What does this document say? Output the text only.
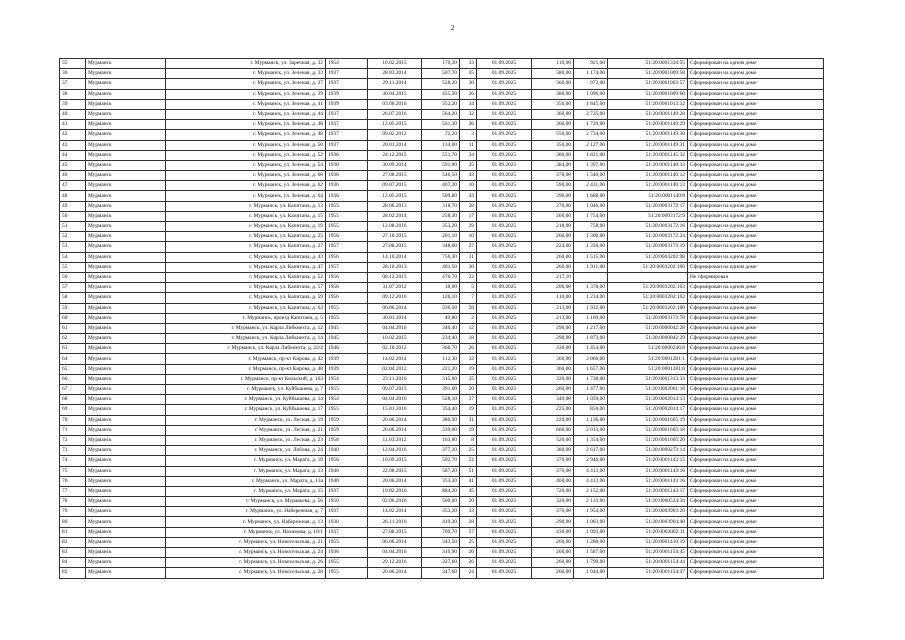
2
35	Мурманск	г. Мурманск, ул. Заречная, д. 32	1954	10.02.2015	170,30	33	01.09.2025	110,00	921,00	51:20:0001334:55	Сформирован на одном доме
36	Мурманск	г. Мурманск, ул. Зеленая, д. 33	1937	28.03.2014	507,70	35	01.09.2025	580,00	1 174,00	51:20:0001009:58	Сформирован на одном доме
37	Мурманск	г. Мурманск, ул. Зеленая, д. 37	1937	29.11.2014	528,20	30	01.09.2025	360,00	972,00	51:20:0001003:57	Сформирован на одном доме
38	Мурманск	г. Мурманск, ул. Зеленая, д. 39	1939	30.04.2015	455,50	26	01.09.2025	380,00	1 096,00	51:20:0001009:60	Сформирован на одном доме
39	Мурманск	г. Мурманск, ул. Зеленая, д. 41	1939	03.06.2016	352,20	34	01.09.2025	350,00	1 845,00	51:20:0001013:32	Сформирован на одном доме
40	Мурманск	г. Мурманск, ул. Зеленая, д. 44	1937	26.07.2016	564,20	32	01.09.2025	360,00	2 725,00	51:20:0001149:28	Сформирован на одном доме
41	Мурманск	г. Мурманск, ул. Зеленая, д. 46	1937	12.05.2015	561,30	36	01.09.2025	360,00	1 729,00	51:20:0001149:29	Сформирован на одном доме
42	Мурманск	г. Мурманск, ул. Зеленая, д. 48	1937	09.02.2012	72,20	3	01.09.2025	550,00	2 734,00	51:20:0001149:30	Сформирован на одном доме
43	Мурманск	г. Мурманск, ул. Зеленая, д. 50	1937	20.01.2014	134,00	11	01.09.2025	350,00	2 127,00	51:20:0001149:31	Сформирован на одном доме
44	Мурманск	г. Мурманск, ул. Зеленая, д. 52	1936	24.12.2015	551,70	34	01.09.2025	380,00	1 821,00	51:20:0001145:32	Сформирован на одном доме
45	Мурманск	г. Мурманск, ул. Зеленая, д. 54	1938	30.09.2014	591,00	35	01.09.2025	384,00	1 397,00	51:20:0001140:33	Сформирован на одном доме
46	Мурманск	г. Мурманск, ул. Зеленая, д. 60	1936	27.08.2015	546,50	43	01.09.2025	378,00	1 540,00	51:20:0001140:12	Сформирован на одном доме
47	Мурманск	г. Мурманск, ул. Зеленая, д. 62	1936	09.07.2015	407,20	10	01.09.2025	590,00	2 431,00	51:20:0001140:13	Сформирован на одном доме
48	Мурманск	г. Мурманск, ул. Зеленая, д. 64	1936	12.05.2015	509,80	43	01.09.2025	390,00	1 688,00	51:20:0001140:8	Сформирован на одном доме
49	Мурманск	г. Мурманск, ул. Капитана, д. 13	1955	28.06.2013	318,70	28	01.09.2025	270,00	1 046,00	51:20:0003172:17	Сформирован на одном доме
50	Мурманск	г. Мурманск, ул. Капитана, д. 15	1955	28.02.2014	258,30	17	01.09.2025	260,00	1 754,00	51:20:0003172:9	Сформирован на одном доме
51	Мурманск	г. Мурманск, ул. Капитана, д. 19	1955	12.08.2016	353,20	29	01.09.2025	218,00	758,00	51:20:0003172:16	Сформирован на одном доме
52	Мурманск	г. Мурманск, ул. Капитана, д. 25	1956	27.10.2015	201,10	10	01.09.2025	260,00	1 300,00	51:20:0003172:24	Сформирован на одном доме
53	Мурманск	г. Мурманск, ул. Капитана, д. 27	1957	27.08.2015	348,60	27	01.09.2025	224,00	1 356,00	51:20:0003173:19	Сформирован на одном доме
54	Мурманск	г. Мурманск, ул. Капитана, д. 43	1956	14.10.2014	756,30	31	01.09.2025	260,00	1 515,00	51:20:0003202:98	Сформирован на одном доме
55	Мурманск	г. Мурманск, ул. Капитана, д. 47	1957	28.10.2013	401,50	30	01.09.2025	260,00	1 911,00	51:20:0003202:106	Сформирован на одном доме
56	Мурманск	г. Мурманск, ул. Капитана, д. 52	1956	08.12.2015	476,70	22	01.09.2025	217,10			Не сформирован
57	Мурманск	г. Мурманск, ул. Капитана, д. 57	1956	31.07.2012	18,00	5	01.09.2025	206,00	1 378,00	51:20:0003202:103	Сформирован на одном доме
58	Мурманск	г. Мурманск, ул. Капитана, д. 59	1956	09.12.2016	126,10	7	01.09.2025	110,00	1 234,00	51:20:0003202:102	Сформирован на одном доме
59	Мурманск	г. Мурманск, ул. Капитана, д. 63	1955	06.06.2014	336,50	28	01.09.2025	213,00	1 932,00	51:20:0003202:100	Сформирован на одном доме
60	Мурманск	г. Мурманск, проезд Капитана, д. 5	1955	30.01.2014	49,80	2	01.09.2025	213,00	1 169,00	51:20:0003173:78	Сформирован на одном доме
61	Мурманск	г. Мурманск, ул. Карла Либкнехта, д. 12	1945	04.04.2016	340,40	12	01.09.2025	290,00	1 217,00	51:20:0000042:28	Сформирован на одном доме
62	Мурманск	г. Мурманск, ул. Карла Либкнехта, д. 14	1945	10.02.2015	234,40	18	01.09.2025	290,00	1 873,00	51:20:0000042:29	Сформирован на одном доме
63	Мурманск	г. Мурманск, ул. Карла Либкнехта, д. 22/2	1946	02.10.2012	366,70	26	01.09.2025	330,00	1 454,00	51:20:0000246:8	Сформирован на одном доме
64	Мурманск	г. Мурманск, пр-кт Кирова, д. 42	1939	14.02.2014	112,30	32	01.09.2025	360,00	2 066,00	51:20:0001281:1	Сформирован на одном доме
65	Мурманск	г. Мурманск, пр-кт Кирова, д. 48	1939	02.04.2012	221,20	19	01.09.2025	360,00	1 657,00	51:20:0001281:0	Сформирован на одном доме
66	Мурманск	г. Мурманск, пр-кт Кольский, д. 163	1954	23.11.2016	315,60	35	01.09.2025	320,00	1 738,00	51:20:0001313:33	Сформирован на одном доме
67	Мурманск	г. Мурманск, ул. Куйбышева, д. 7	1955	09.07.2015	391,60	20	01.09.2025	260,00	1 477,00	51:20:0002061:18	Сформирован на одном доме
68	Мурманск	г. Мурманск, ул. Куйбышева, д. 14	1954	04.04.2016	528,10	37	01.09.2025	340,00	1 059,00	51:20:0002014:13	Сформирован на одном доме
69	Мурманск	г. Мурманск, ул. Куйбышева, д. 17	1955	15.01.2016	354,40	19	01.09.2025	225,00	856,00	51:20:0002014:17	Сформирован на одном доме
70	Мурманск	г. Мурманск, ул. Лесная, д. 19	1959	20.06.2014	380,50	31	01.09.2025	220,00	1 136,00	51:20:0001605:19	Сформирован на одном доме
71	Мурманск	г. Мурманск, ул. Лесная, д. 21	1959	20.06.2014	339,00	19	01.09.2025	600,00	2 013,00	51:20:0001605:18	Сформирован на одном доме
72	Мурманск	г. Мурманск, ул. Лесная, д. 23	1958	11.03.2012	163,80	8	01.09.2025	520,00	1 354,00	51:20:0001605:20	Сформирован на одном доме
73	Мурманск	г. Мурманск, ул. Лобова, д. 24	1940	12.04.2016	377,20	25	01.09.2025	380,00	2 617,00	51:20:0000273:14	Сформирован на одном доме
74	Мурманск	г. Мурманск, ул. Марата, д. 10	1956	10.09.2015	502,70	22	01.09.2025	370,00	2 946,00	51:20:0001143:15	Сформирован на одном доме
75	Мурманск	г. Мурманск, ул. Марата, д. 13	1940	22.08.2015	587,20	51	01.09.2025	370,00	4 413,00	51:20:0001143:16	Сформирован на одном доме
76	Мурманск	г. Мурманск, ул. Марата, д. 13а	1940	20.06.2014	353,30	41	01.09.2025	400,00	4 413,00	51:20:0001143:16	Сформирован на одном доме
77	Мурманск	г. Мурманск, ул. Марата, д. 15	1937	19.02.2016	884,20	45	01.09.2025	720,00	2 152,00	51:20:0001143:17	Сформирован на одном доме
78	Мурманск	г. Мурманск, ул. Муравьева, д. 56	1950	02.06.2016	500,00	20	01.09.2025	320,00	2 133,00	51:20:0000524:34	Сформирован на одном доме
79	Мурманск	г. Мурманск, ул. Набережная, д. 7	1937	14.02.2014	353,20	33	01.09.2025	370,00	1 954,00	51:20:0003903:26	Сформирован на одном доме
80	Мурманск	г. Мурманск, ул. Набережная, д. 13	1938	26.11.2016	419,30	28	01.09.2025	290,00	1 083,00	51:20:0003904:40	Сформирован на одном доме
81	Мурманск	г. Мурманск, ул. Нахимова, д. 10/1	1937	27.08.2015	709,70	57	01.09.2025	430,00	1 093,00	51:20:0003002:11	Сформирован на одном доме
82	Мурманск	г. Мурманск, ул. Новосельская, д. 21	1955	06.06.2014	343,50	25	01.09.2025	260,00	1 288,00	51:20:0001410:19	Сформирован на одном доме
83	Мурманск	г. Мурманск, ул. Новосельская, д. 24	1936	04.04.2016	310,90	26	01.09.2025	260,00	1 587,00	51:20:0001154:45	Сформирован на одном доме
84	Мурманск	г. Мурманск, ул. Новосельская, д. 26	1955	29.12.2016	327,60	26	01.09.2025	260,00	1 799,00	51:20:0001154:44	Сформирован на одном доме
85	Мурманск	г. Мурманск, ул. Новосельская, д. 28	1955	20.06.2014	347,60	24	01.09.2025	260,00	1 044,00	51:20:0001154:47	Сформирован на одном доме
